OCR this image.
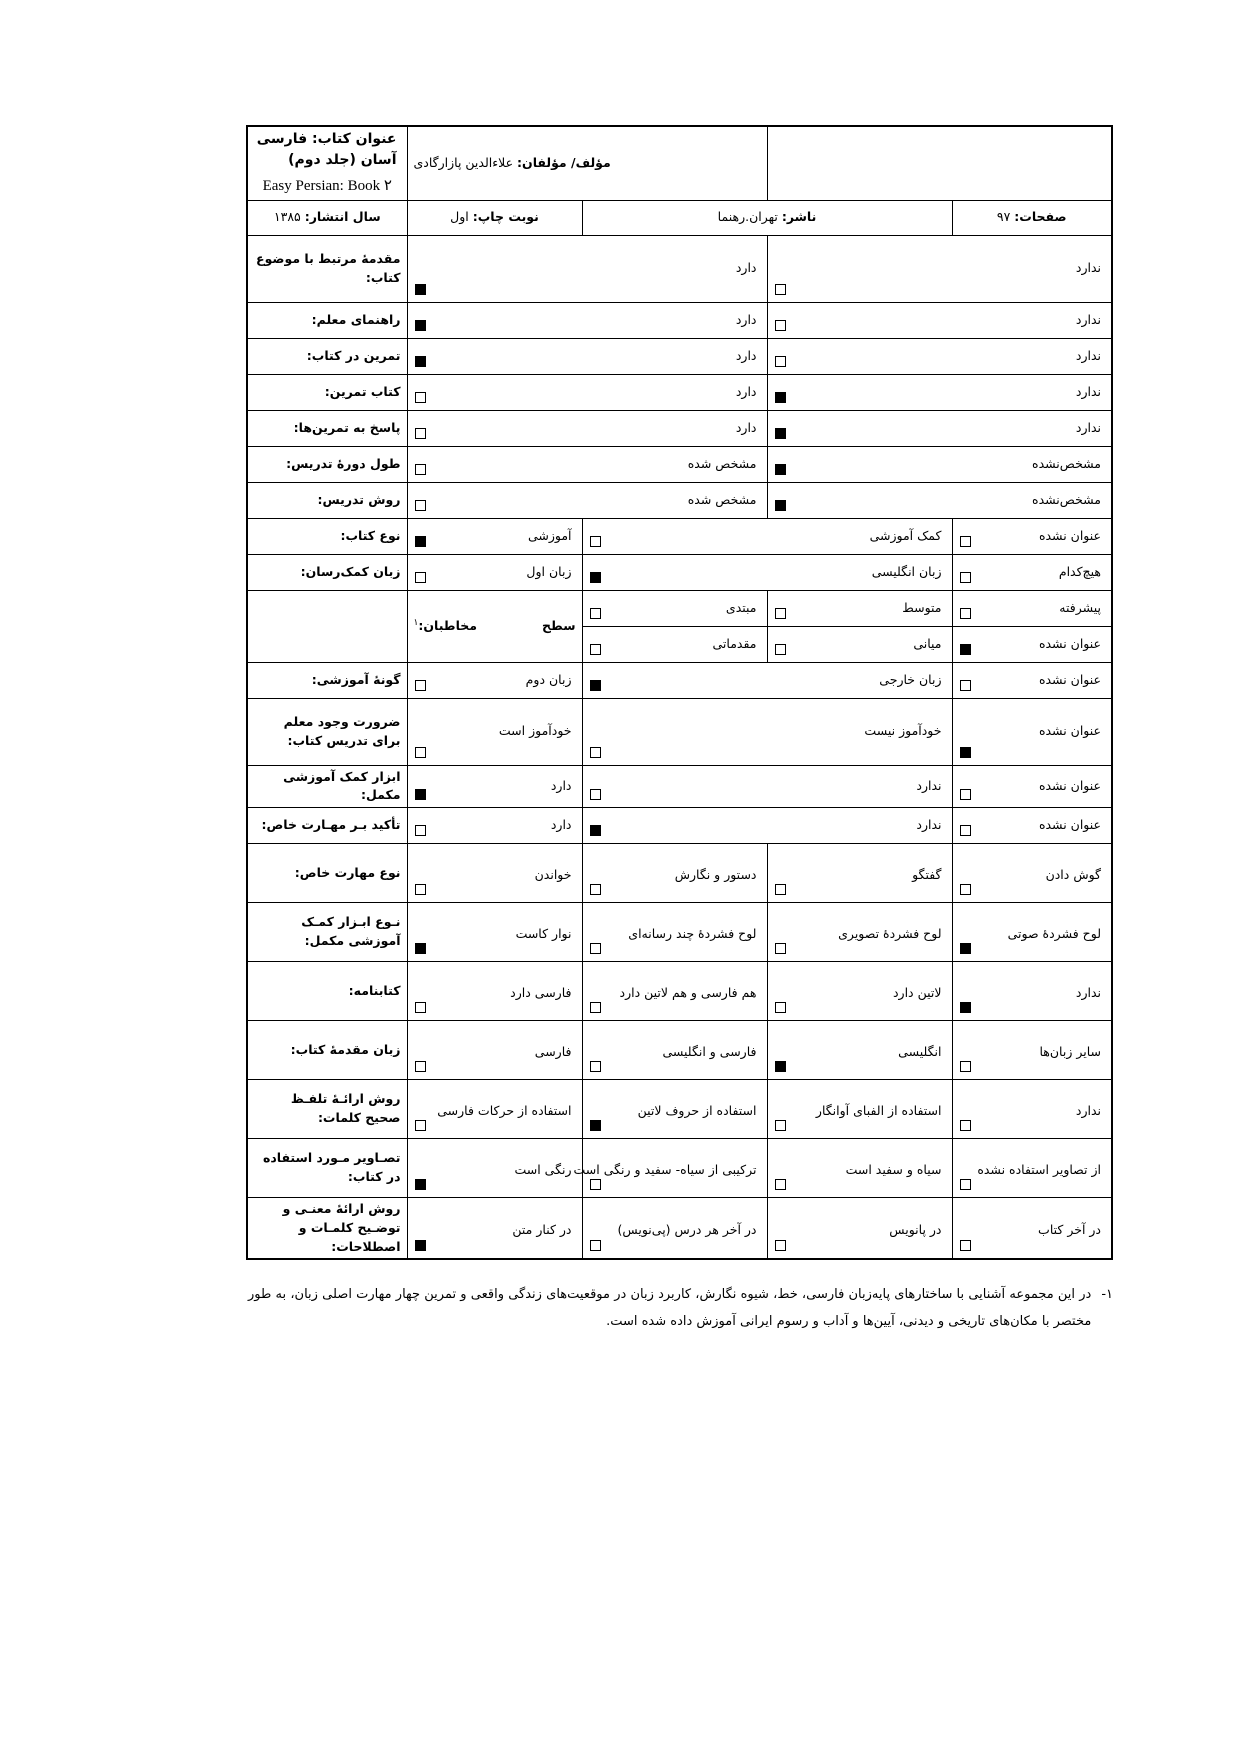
		مؤلف/ مؤلفان: علاءالدین پازارگادی		عنوان کتاب: فارسی آسان (جلد دوم)
Easy Persian: Book ۲

صفحات: ۹۷	ناشر: تهران.رهنما		نوبت چاپ: اول	سال انتشار: ۱۳۸۵

ندارد		دارد		مقدمهٔ مرتبط با موضوع کتاب:

ندارد		دارد		راهنمای معلم:

ندارد		دارد		تمرین در کتاب:

ندارد		دارد		کتاب تمرین:

ندارد		دارد		پاسخ به تمرین‌ها:

مشخص‌نشده		مشخص شده		طول دورهٔ تدریس:

مشخص‌نشده		مشخص شده		روش تدریس:

عنوان نشده	کمک آموزشی		آموزشی	نوع کتاب:

هیچ‌کدام	زبان انگلیسی		زبان اول	زبان کمک‌رسان:

پیشرفته	متوسط	مبتدی	سطح مخاطبان:$^۱$

عنوان نشده	میانی	مقدماتی		

عنوان نشده	زبان خارجی		زبان دوم	گونهٔ آموزشی:

عنوان نشده	خودآموز نیست		خودآموز است	ضرورت وجود معلم برای تدریس کتاب:

عنوان نشده	ندارد		دارد	ابزار کمک آموزشی مکمل:

عنوان نشده	ندارد		دارد	تأکید بـر مهـارت خاص:

گوش دادن	گفتگو	دستور و نگارش	خواندن	نوع مهارت خاص:

لوح فشردهٔ صوتی	لوح فشردهٔ تصویری	لوح فشردهٔ چند رسانه‌ای	نوار کاست	نـوع ابـزار کمـک آموزشی مکمل:

ندارد	لاتین دارد	هم فارسی و هم لاتین دارد	فارسی دارد	کتابنامه:

سایر زبان‌ها	انگلیسی	فارسی و انگلیسی	فارسی	زبان مقدمهٔ کتاب:

ندارد	استفاده از الفبای آوانگار	استفاده از حروف لاتین	استفاده از حرکات فارسی	روش ارائـهٔ تلفـظ صحیح کلمات:

از تصاویر استفاده نشده	سیاه و سفید است	ترکیبی از سیاه- سفید و رنگی است	رنگی است	تصـاویر مـورد استفاده در کتاب:

در آخر کتاب	در پانویس	در آخر هر درس (پی‌نویس)	در کنار متن	روش ارائهٔ معنـی و توضـیح کلمـات و اصطلاحات:
۱-
در این مجموعه آشنایی با ساختارهای پایه‌زبان فارسی، خط، شیوه نگارش، کاربرد زبان در موقعیت‌های زندگی واقعی و تمرین چهار مهارت اصلی زبان، به طور مختصر با مکان‌های تاریخی و دیدنی، آیین‌ها و آداب و رسوم ایرانی آموزش داده شده است.
